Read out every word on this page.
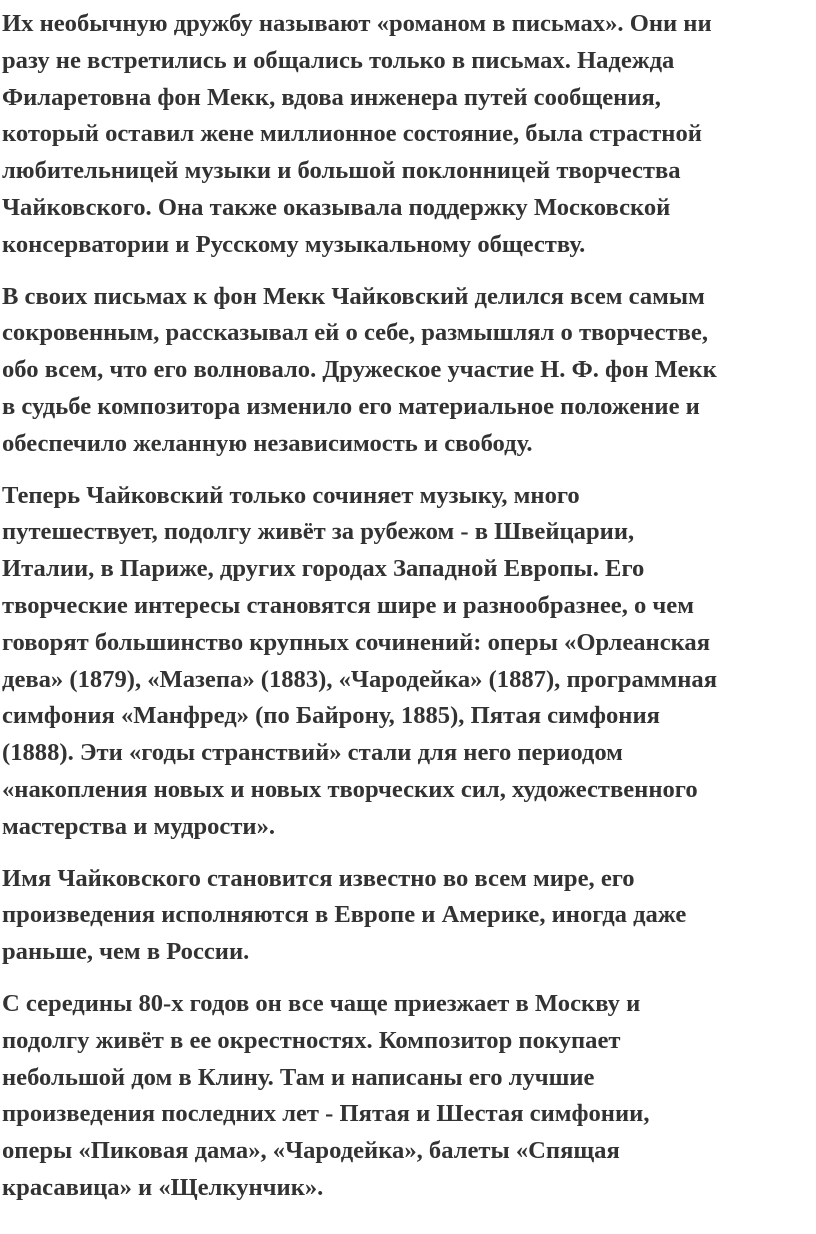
Их необычную дружбу называют «романом в письмах». Они ни
разу не встретились и общались только в письмах. Надежда
Филаретовна фон Мекк, вдова инженера путей сообщения,
который оставил жене миллионное состояние, была страстной
любительницей музыки и большой поклонницей творчества
Чайковского. Она также оказывала поддержку Московской
консерватории и Русскому музыкальному обществу.

В своих письмах к фон Мекк Чайковский делился всем самым
сокровенным, рассказывал ей о себе, размышлял о творчестве,
обо всем, что его волновало. Дружеское участие Н. Ф. фон Мекк
в судьбе композитора изменило его материальное положение и
обеспечило желанную независимость и свободу.

Теперь Чайковский только сочиняет музыку, много
путешествует, подолгу живёт за рубежом - в Швейцарии,
Италии, в Париже, других городах Западной Европы. Его
творческие интересы становятся шире и разнообразнее, о чем
говорят большинство крупных сочинений: оперы «Орлеанская
дева» (1879), «Мазепа» (1883), «Чародейка» (1887), программная
симфония «Манфред» (по Байрону, 1885), Пятая симфония
(1888). Эти «годы странствий» стали для него периодом
«накопления новых и новых творческих сил, художественного
мастерства и мудрости».

Имя Чайковского становится известно во всем мире, его
произведения исполняются в Европе и Америке, иногда даже
раньше, чем в России.

С середины 80-х годов он все чаще приезжает в Москву и
подолгу живёт в ее окрестностях. Композитор покупает
небольшой дом в Клину. Там и написаны его лучшие
произведения последних лет - Пятая и Шестая симфонии,
оперы «Пиковая дама», «Чародейка», балеты «Спящая
красавица» и «Щелкунчик».
